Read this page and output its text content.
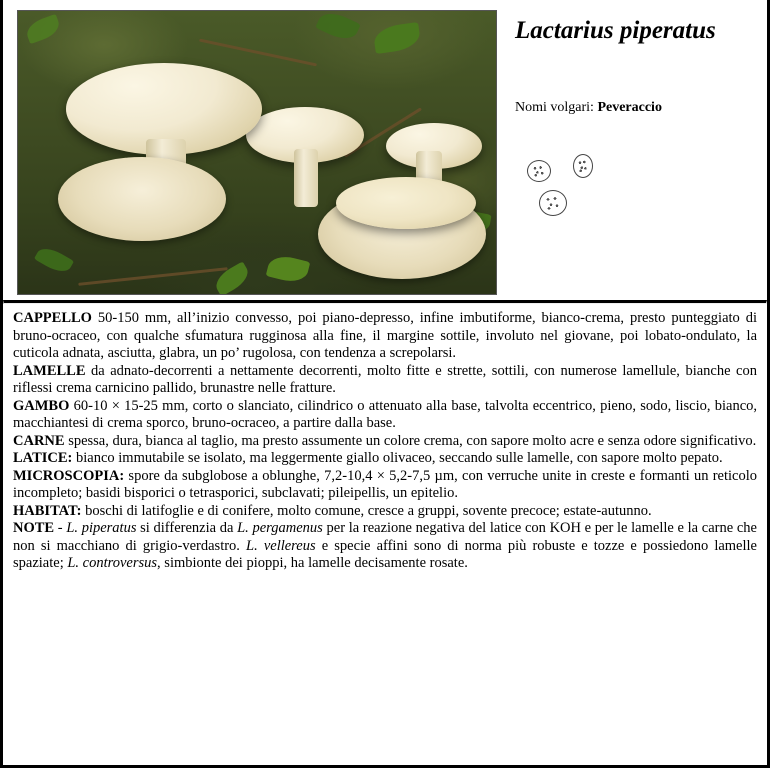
Lactarius piperatus
Nomi volgari: Peveraccio

CAPPELLO 50-150 mm, all’inizio convesso, poi piano-depresso, infine imbutiforme, bianco-crema, presto punteggiato di bruno-ocraceo, con qualche sfumatura rugginosa alla fine, il margine sottile, involuto nel giovane, poi lobato-ondulato, la cuticola adnata, asciutta, glabra, un po’ rugolosa, con tendenza a screpolarsi.

LAMELLE da adnato-decorrenti a nettamente decorrenti, molto fitte e strette, sottili, con numerose lamellule, bianche con riflessi crema carnicino pallido, brunastre nelle fratture.

GAMBO 60-10 × 15-25 mm, corto o slanciato, cilindrico o attenuato alla base, talvolta eccentrico, pieno, sodo, liscio, bianco, macchiantesi di crema sporco, bruno-ocraceo, a partire dalla base.

CARNE spessa, dura, bianca al taglio, ma presto assumente un colore crema, con sapore molto acre e senza odore significativo.

LATICE: bianco immutabile se isolato, ma leggermente giallo olivaceo, seccando sulle lamelle, con sapore molto pepato.

MICROSCOPIA: spore da subglobose a oblunghe, 7,2-10,4 × 5,2-7,5 µm, con verruche unite in creste e formanti un reticolo incompleto; basidi bisporici o tetrasporici, subclavati; pileipellis, un epitelio.

HABITAT: boschi di latifoglie e di conifere, molto comune, cresce a gruppi, sovente precoce; estate-autunno.

NOTE - L. piperatus si differenzia da L. pergamenus per la reazione negativa del latice con KOH e per le lamelle e la carne che non si macchiano di grigio-verdastro. L. vellereus e specie affini sono di norma più robuste e tozze e possiedono lamelle spaziate; L. controversus, simbionte dei pioppi, ha lamelle decisamente rosate.
